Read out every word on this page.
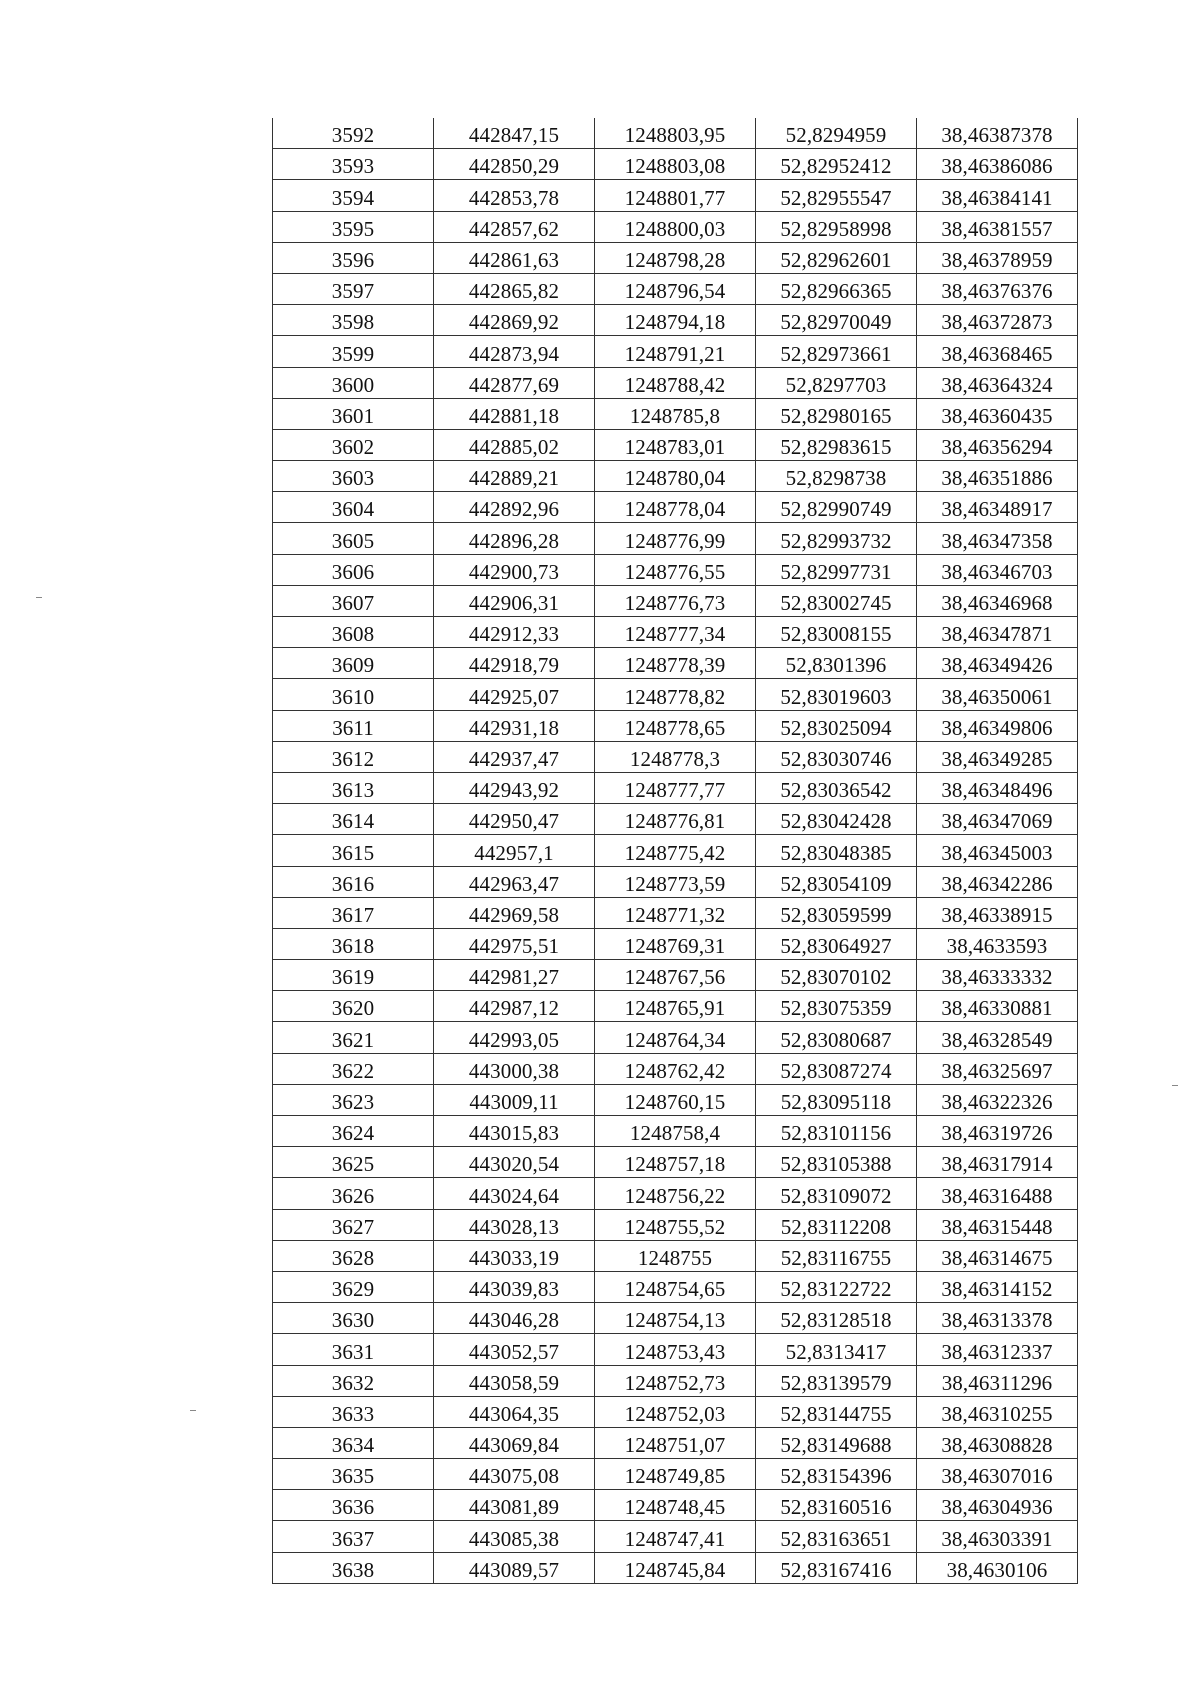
3592	442847,15	1248803,95	52,8294959	38,46387378
3593	442850,29	1248803,08	52,82952412	38,46386086
3594	442853,78	1248801,77	52,82955547	38,46384141
3595	442857,62	1248800,03	52,82958998	38,46381557
3596	442861,63	1248798,28	52,82962601	38,46378959
3597	442865,82	1248796,54	52,82966365	38,46376376
3598	442869,92	1248794,18	52,82970049	38,46372873
3599	442873,94	1248791,21	52,82973661	38,46368465
3600	442877,69	1248788,42	52,8297703	38,46364324
3601	442881,18	1248785,8	52,82980165	38,46360435
3602	442885,02	1248783,01	52,82983615	38,46356294
3603	442889,21	1248780,04	52,8298738	38,46351886
3604	442892,96	1248778,04	52,82990749	38,46348917
3605	442896,28	1248776,99	52,82993732	38,46347358
3606	442900,73	1248776,55	52,82997731	38,46346703
3607	442906,31	1248776,73	52,83002745	38,46346968
3608	442912,33	1248777,34	52,83008155	38,46347871
3609	442918,79	1248778,39	52,8301396	38,46349426
3610	442925,07	1248778,82	52,83019603	38,46350061
3611	442931,18	1248778,65	52,83025094	38,46349806
3612	442937,47	1248778,3	52,83030746	38,46349285
3613	442943,92	1248777,77	52,83036542	38,46348496
3614	442950,47	1248776,81	52,83042428	38,46347069
3615	442957,1	1248775,42	52,83048385	38,46345003
3616	442963,47	1248773,59	52,83054109	38,46342286
3617	442969,58	1248771,32	52,83059599	38,46338915
3618	442975,51	1248769,31	52,83064927	38,4633593
3619	442981,27	1248767,56	52,83070102	38,46333332
3620	442987,12	1248765,91	52,83075359	38,46330881
3621	442993,05	1248764,34	52,83080687	38,46328549
3622	443000,38	1248762,42	52,83087274	38,46325697
3623	443009,11	1248760,15	52,83095118	38,46322326
3624	443015,83	1248758,4	52,83101156	38,46319726
3625	443020,54	1248757,18	52,83105388	38,46317914
3626	443024,64	1248756,22	52,83109072	38,46316488
3627	443028,13	1248755,52	52,83112208	38,46315448
3628	443033,19	1248755	52,83116755	38,46314675
3629	443039,83	1248754,65	52,83122722	38,46314152
3630	443046,28	1248754,13	52,83128518	38,46313378
3631	443052,57	1248753,43	52,8313417	38,46312337
3632	443058,59	1248752,73	52,83139579	38,46311296
3633	443064,35	1248752,03	52,83144755	38,46310255
3634	443069,84	1248751,07	52,83149688	38,46308828
3635	443075,08	1248749,85	52,83154396	38,46307016
3636	443081,89	1248748,45	52,83160516	38,46304936
3637	443085,38	1248747,41	52,83163651	38,46303391
3638	443089,57	1248745,84	52,83167416	38,4630106
